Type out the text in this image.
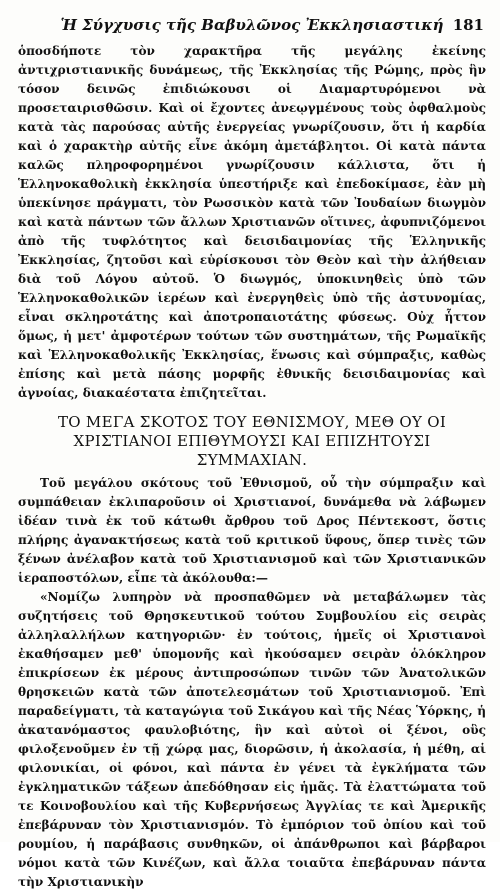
Ἡ Σύγχυσις τῆς Βαβυλῶνος Ἐκκλησιαστική 181

ὁποσδήποτε τὸν χαρακτῆρα τῆς μεγάλης ἐκείνης ἀντιχριστιανικῆς δυνάμεως, τῆς Ἐκκλησίας τῆς Ρώμης, πρὸς ἣν τόσον δεινῶς ἐπιδιώκουσι οἱ Διαμαρτυρόμενοι νὰ προσεταιρισθῶσιν. Καὶ οἱ ἔχοντες ἀνεῳγμένους τοὺς ὀφθαλμοὺς κατὰ τὰς παρούσας αὐτῆς ἐνεργείας γνωρίζουσιν, ὅτι ἡ καρδία καὶ ὁ χαρακτὴρ αὐτῆς εἶνε ἀκόμη ἀμετάβλητοι. Οἱ κατὰ πάντα καλῶς πληροφορημένοι γνωρίζουσιν κάλλιστα, ὅτι ἡ Ἑλληνοκαθολικὴ ἐκκλησία ὑπεστήριξε καὶ ἐπεδοκίμασε, ἐὰν μὴ ὑπεκίνησε πράγματι, τὸν Ρωσσικὸν κατὰ τῶν Ἰουδαίων διωγμὸν καὶ κατὰ πάντων τῶν ἄλλων Χριστιανῶν οἵτινες, ἀφυπνιζόμενοι ἀπὸ τῆς τυφλότητος καὶ δεισιδαιμονίας τῆς Ἑλληνικῆς Ἐκκλησίας, ζητοῦσι καὶ εὑρίσκουσι τὸν Θεὸν καὶ τὴν ἀλήθειαν διὰ τοῦ Λόγου αὐτοῦ. Ὁ διωγμός, ὑποκινηθεὶς ὑπὸ τῶν Ἑλληνοκαθολικῶν ἱερέων καὶ ἐνεργηθεὶς ὑπὸ τῆς ἀστυνομίας, εἶναι σκληροτάτης καὶ ἀποτροπαιοτάτης φύσεως. Οὐχ ἧττον ὅμως, ἡ μετ' ἀμφοτέρων τούτων τῶν συστημάτων, τῆς Ρωμαϊκῆς καὶ Ἑλληνοκαθολικῆς Ἐκκλησίας, ἕνωσις καὶ σύμπραξις, καθὼς ἐπίσης καὶ μετὰ πάσης μορφῆς ἐθνικῆς δεισιδαιμονίας καὶ ἀγνοίας, διακαέστατα ἐπιζητεῖται.

ΤΟ ΜΕΓΑ ΣΚΟΤΟΣ ΤΟΥ ΕΘΝΙΣΜΟΥ, ΜΕΘ ΟΥ ΟΙ ΧΡΙΣΤΙΑΝΟΙ ΕΠΙΘΥΜΟΥΣΙ ΚΑΙ ΕΠΙΖΗΤΟΥΣΙ ΣΥΜΜΑΧΙΑΝ.

Τοῦ μεγάλου σκότους τοῦ Ἐθνισμοῦ, οὗ τὴν σύμπραξιν καὶ συμπάθειαν ἐκλιπαροῦσιν οἱ Χριστιανοί, δυνάμεθα νὰ λάβωμεν ἰδέαν τινὰ ἐκ τοῦ κάτωθι ἄρθρου τοῦ Δρος Πέντεκοστ, ὅστις πλήρης ἀγανακτήσεως κατὰ τοῦ κριτικοῦ ὕφους, ὅπερ τινὲς τῶν ξένων ἀνέλαβον κατὰ τοῦ Χριστιανισμοῦ καὶ τῶν Χριστιανικῶν ἱεραποστόλων, εἶπε τὰ ἀκόλουθα:—

«Νομίζω λυπηρὸν νὰ προσπαθῶμεν νὰ μεταβάλωμεν τὰς συζητήσεις τοῦ Θρησκευτικοῦ τούτου Συμβουλίου εἰς σειρὰς ἀλληλαλλήλων κατηγοριῶν· ἐν τούτοις, ἡμεῖς οἱ Χριστιανοὶ ἐκαθήσαμεν μεθ' ὑπομονῆς καὶ ἠκούσαμεν σειρὰν ὁλόκληρον ἐπικρίσεων ἐκ μέρους ἀντιπροσώπων τινῶν τῶν Ἀνατολικῶν θρησκειῶν κατὰ τῶν ἀποτελεσμάτων τοῦ Χριστιανισμοῦ. Ἐπὶ παραδείγματι, τὰ καταγώγια τοῦ Σικάγου καὶ τῆς Νέας Ὑόρκης, ἡ ἀκατανόμαστος φαυλοβιότης, ἣν καὶ αὐτοὶ οἱ ξένοι, οὓς φιλοξενοῦμεν ἐν τῇ χώρᾳ μας, διορῶσιν, ἡ ἀκολασία, ἡ μέθη, αἱ φιλονικίαι, οἱ φόνοι, καὶ πάντα ἐν γένει τὰ ἐγκλήματα τῶν ἐγκληματικῶν τάξεων ἀπεδόθησαν εἰς ἡμᾶς. Τὰ ἐλαττώματα τοῦ τε Κοινοβουλίου καὶ τῆς Κυβερνήσεως Ἀγγλίας τε καὶ Ἀμερικῆς ἐπεβάρυναν τὸν Χριστιανισμόν. Τὸ ἐμπόριον τοῦ ὀπίου καὶ τοῦ ρουμίου, ἡ παράβασις συνθηκῶν, οἱ ἀπάνθρωποι καὶ βάρβαροι νόμοι κατὰ τῶν Κινέζων, καὶ ἄλλα τοιαῦτα ἐπεβάρυναν πάντα τὴν Χριστιανικὴν
